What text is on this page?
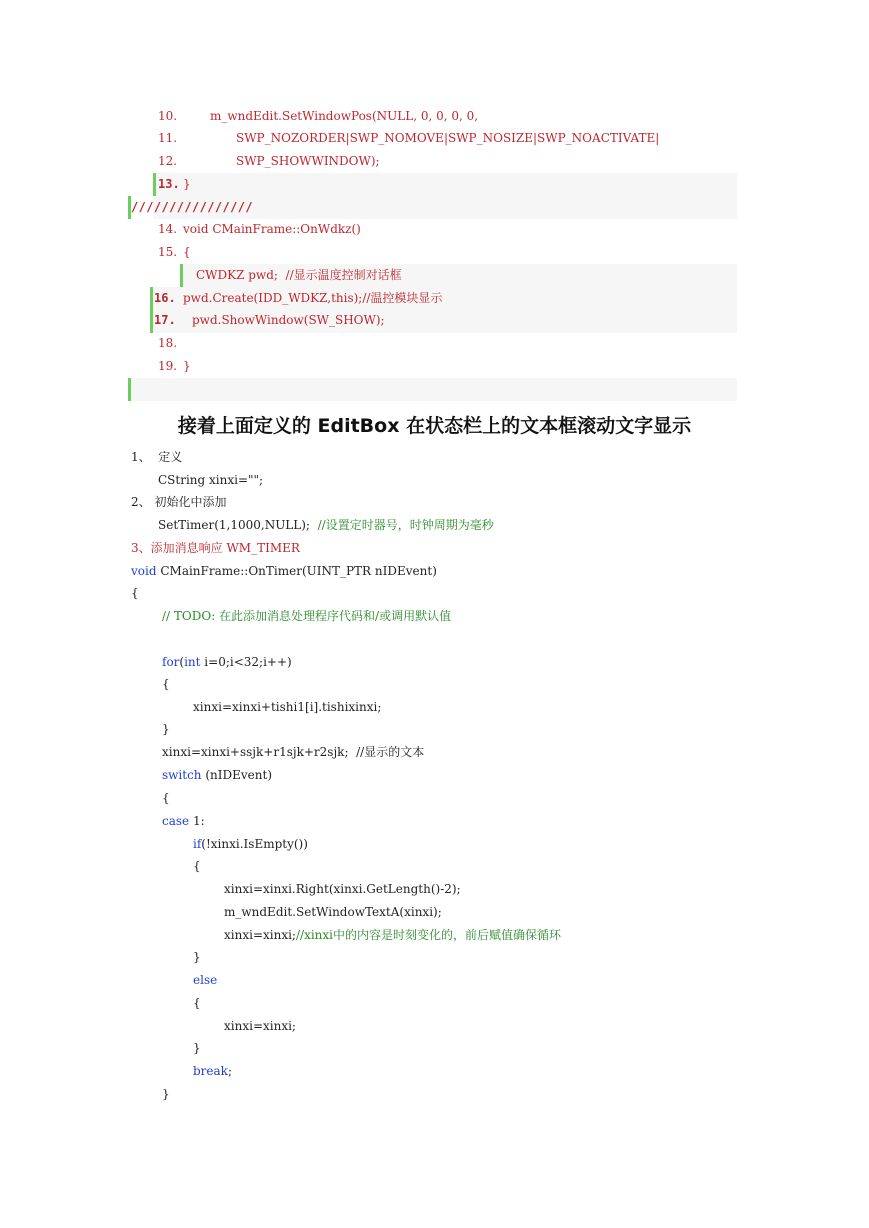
10.	m_wndEdit.SetWindowPos(NULL, 0, 0, 0, 0,
11.	SWP_NOZORDER|SWP_NOMOVE|SWP_NOSIZE|SWP_NOACTIVATE|
12.	SWP_SHOWWINDOW);
13. }
////////////////
14. void CMainFrame::OnWdkz()
15. {
CWDKZ pwd;  //显示温度控制对话框
16. pwd.Create(IDD_WDKZ,this);//温控模块显示
17. pwd.ShowWindow(SW_SHOW);
18.
19. }
接着上面定义的 EditBox 在状态栏上的文本框滚动文字显示
1、  定义
CString xinxi="";
2、 初始化中添加
SetTimer(1,1000,NULL); //设置定时器号，时钟周期为毫秒
3、添加消息响应 WM_TIMER
void CMainFrame::OnTimer(UINT_PTR nIDEvent)
{
// TODO: 在此添加消息处理程序代码和/或调用默认值
for(int i=0;i<32;i++)
{
xinxi=xinxi+tishi1[i].tishixinxi;
}
xinxi=xinxi+ssjk+r1sjk+r2sjk;  //显示的文本
switch (nIDEvent)
{
case 1:
if(!xinxi.IsEmpty())
{
xinxi=xinxi.Right(xinxi.GetLength()-2);
m_wndEdit.SetWindowTextA(xinxi);
xinxi=xinxi;//xinxi中的内容是时刻变化的，前后赋值确保循环
}
else
{
xinxi=xinxi;
}
break;
}
